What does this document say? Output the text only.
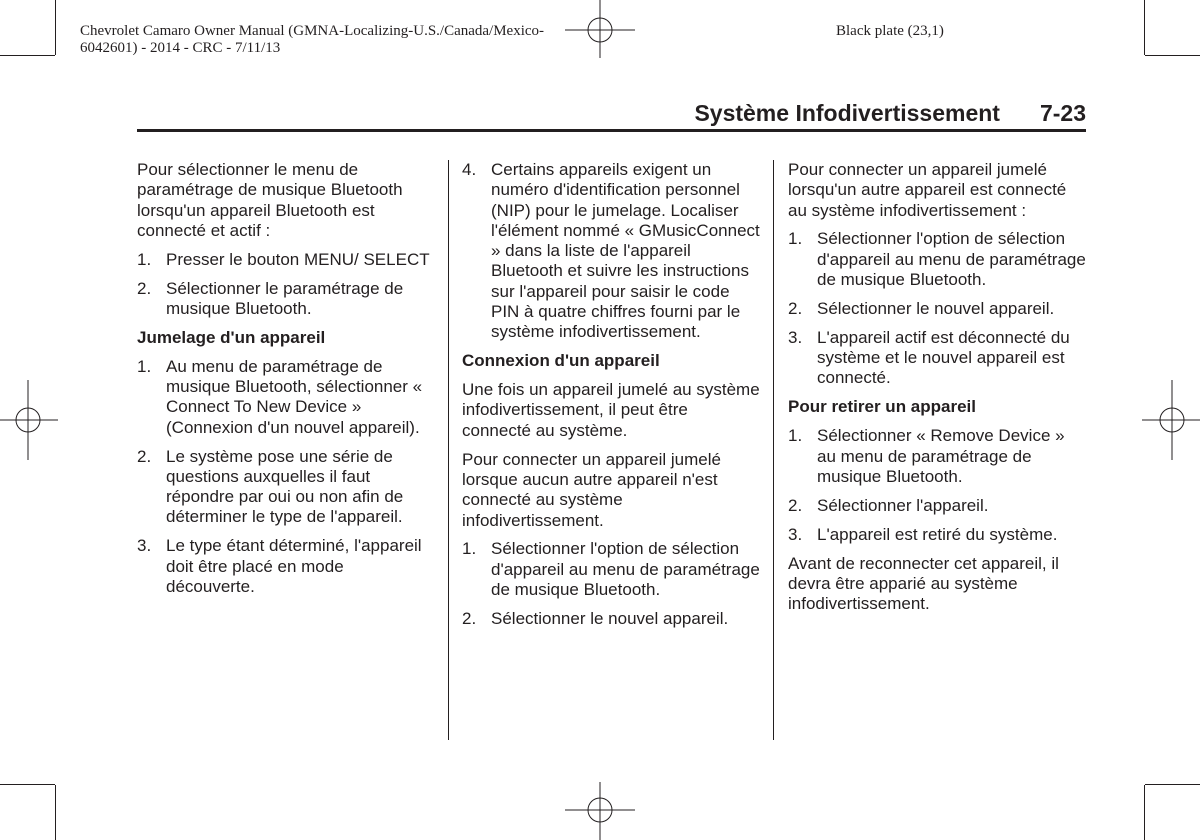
Chevrolet Camaro Owner Manual (GMNA-Localizing-U.S./Canada/Mexico-
6042601) - 2014 - CRC - 7/11/13
Black plate (23,1)
Système Infodivertissement 7-23

Pour sélectionner le menu de paramétrage de musique Bluetooth lorsqu'un appareil Bluetooth est connecté et actif :

1. Presser le bouton MENU/ SELECT
2. Sélectionner le paramétrage de musique Bluetooth.

Jumelage d'un appareil

1. Au menu de paramétrage de musique Bluetooth, sélectionner « Connect To New Device » (Connexion d'un nouvel appareil).
2. Le système pose une série de questions auxquelles il faut répondre par oui ou non afin de déterminer le type de l'appareil.
3. Le type étant déterminé, l'appareil doit être placé en mode découverte.
4. Certains appareils exigent un numéro d'identification personnel (NIP) pour le jumelage. Localiser l'élément nommé « GMusicConnect » dans la liste de l'appareil Bluetooth et suivre les instructions sur l'appareil pour saisir le code PIN à quatre chiffres fourni par le système infodivertissement.

Connexion d'un appareil

Une fois un appareil jumelé au système infodivertissement, il peut être connecté au système.

Pour connecter un appareil jumelé lorsque aucun autre appareil n'est connecté au système infodivertissement.

1. Sélectionner l'option de sélection d'appareil au menu de paramétrage de musique Bluetooth.
2. Sélectionner le nouvel appareil.

Pour connecter un appareil jumelé lorsqu'un autre appareil est connecté au système infodivertissement :

1. Sélectionner l'option de sélection d'appareil au menu de paramétrage de musique Bluetooth.
2. Sélectionner le nouvel appareil.
3. L'appareil actif est déconnecté du système et le nouvel appareil est connecté.

Pour retirer un appareil

1. Sélectionner « Remove Device » au menu de paramétrage de musique Bluetooth.
2. Sélectionner l'appareil.
3. L'appareil est retiré du système.

Avant de reconnecter cet appareil, il devra être apparié au système infodivertissement.
